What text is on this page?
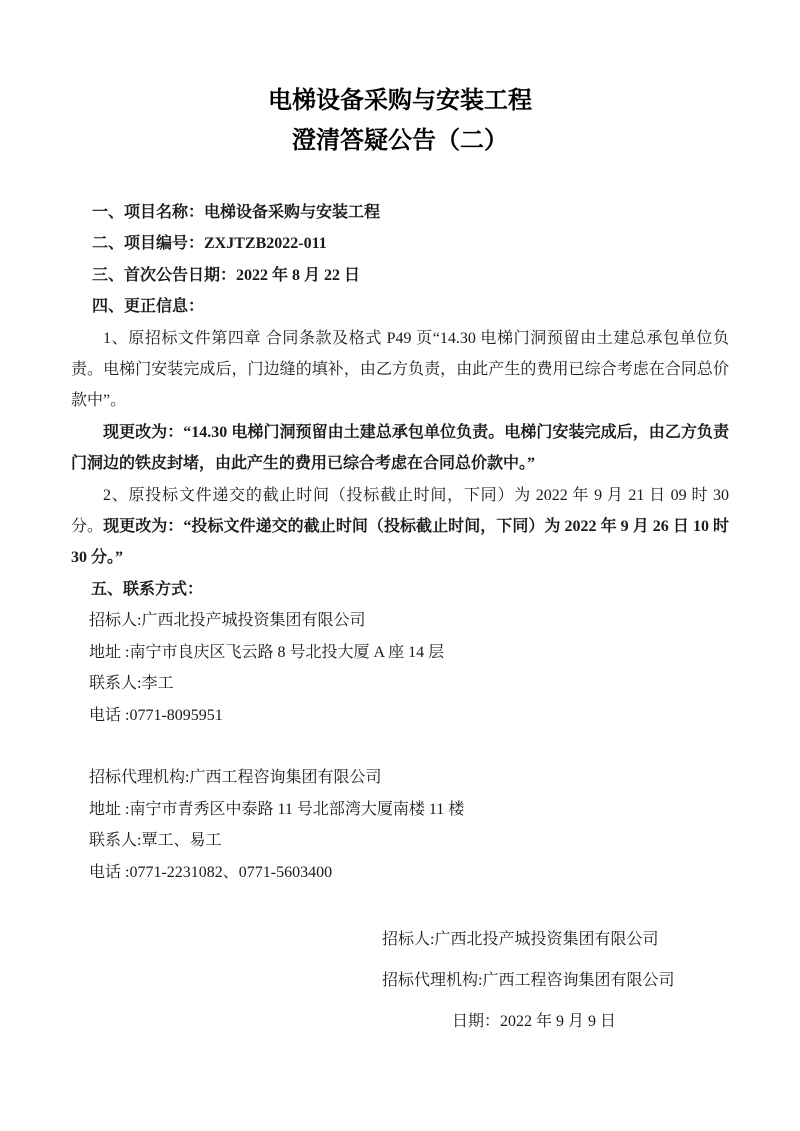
电梯设备采购与安装工程
澄清答疑公告（二）
一、项目名称：电梯设备采购与安装工程
二、项目编号：ZXJTZB2022-011
三、首次公告日期：2022 年 8 月 22 日
四、更正信息：

1、原招标文件第四章 合同条款及格式 P49 页“14.30 电梯门洞预留由土建总承包单位负责。电梯门安装完成后，门边缝的填补，由乙方负责，由此产生的费用已综合考虑在合同总价款中”。

现更改为：“14.30 电梯门洞预留由土建总承包单位负责。电梯门安装完成后，由乙方负责门洞边的铁皮封堵，由此产生的费用已综合考虑在合同总价款中。”

2、原投标文件递交的截止时间（投标截止时间，下同）为 2022 年 9 月 21 日 09 时 30 分。现更改为：“投标文件递交的截止时间（投标截止时间，下同）为 2022 年 9 月 26 日 10 时 30 分。”

五、联系方式：
招标人:广西北投产城投资集团有限公司
地址 :南宁市良庆区飞云路 8 号北投大厦 A 座 14 层
联系人:李工
电话 :0771-8095951
招标代理机构:广西工程咨询集团有限公司
地址 :南宁市青秀区中泰路 11 号北部湾大厦南楼 11 楼
联系人:覃工、易工
电话 :0771-2231082、0771-5603400
招标人:广西北投产城投资集团有限公司
招标代理机构:广西工程咨询集团有限公司
日期：2022 年 9 月 9 日
